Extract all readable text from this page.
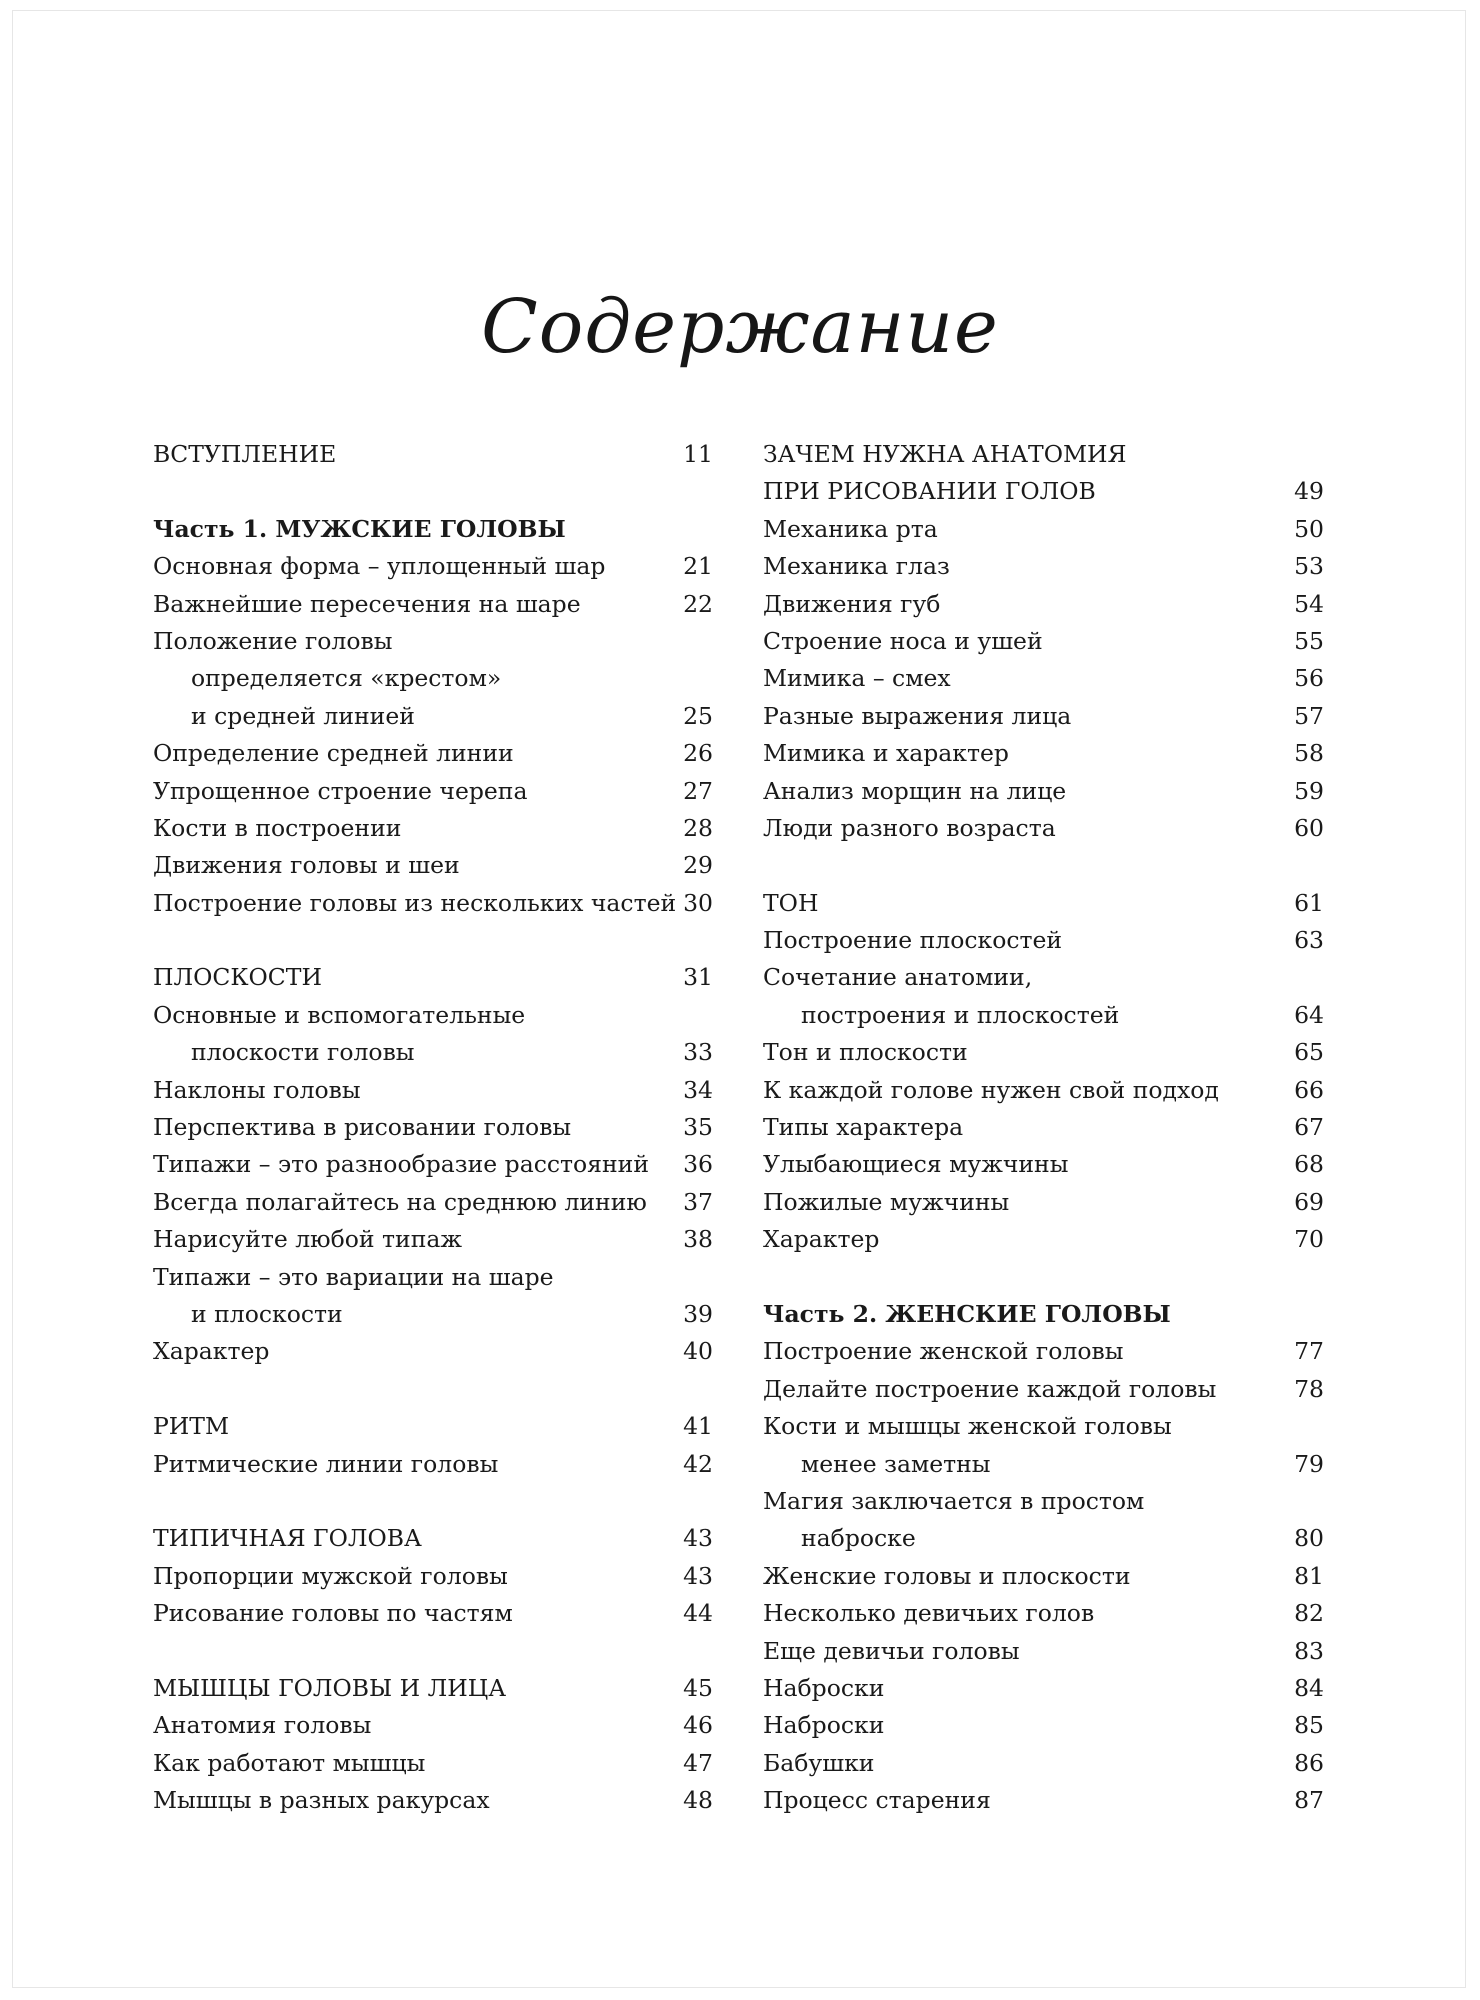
Содержание
ВСТУПЛЕНИЕ	11
Часть 1. МУЖСКИЕ ГОЛОВЫ
Основная форма – уплощенный шар	21
Важнейшие пересечения на шаре	22
Положение головы
определяется «крестом»
и средней линией	25
Определение средней линии	26
Упрощенное строение черепа	27
Кости в построении	28
Движения головы и шеи	29
Построение головы из нескольких частей 30
ПЛОСКОСТИ	31
Основные и вспомогательные
плоскости головы	33
Наклоны головы	34
Перспектива в рисовании головы	35
Типажи – это разнообразие расстояний 36
Всегда полагайтесь на среднюю линию 37
Нарисуйте любой типаж	38
Типажи – это вариации на шаре
и плоскости	39
Характер	40
РИТМ	41
Ритмические линии головы	42
ТИПИЧНАЯ ГОЛОВА	43
Пропорции мужской головы	43
Рисование головы по частям	44
МЫШЦЫ ГОЛОВЫ И ЛИЦА	45
Анатомия головы	46
Как работают мышцы	47
Мышцы в разных ракурсах	48
ЗАЧЕМ НУЖНА АНАТОМИЯ
ПРИ РИСОВАНИИ ГОЛОВ	49
Механика рта	50
Механика глаз	53
Движения губ	54
Строение носа и ушей	55
Мимика – смех	56
Разные выражения лица	57
Мимика и характер	58
Анализ морщин на лице	59
Люди разного возраста	60
ТОН	61
Построение плоскостей	63
Сочетание анатомии,
построения и плоскостей	64
Тон и плоскости	65
К каждой голове нужен свой подход	66
Типы характера	67
Улыбающиеся мужчины	68
Пожилые мужчины	69
Характер	70
Часть 2. ЖЕНСКИЕ ГОЛОВЫ
Построение женской головы	77
Делайте построение каждой головы	78
Кости и мышцы женской головы
менее заметны	79
Магия заключается в простом
наброске	80
Женские головы и плоскости	81
Несколько девичьих голов	82
Еще девичьи головы	83
Наброски	84
Наброски	85
Бабушки	86
Процесс старения	87
